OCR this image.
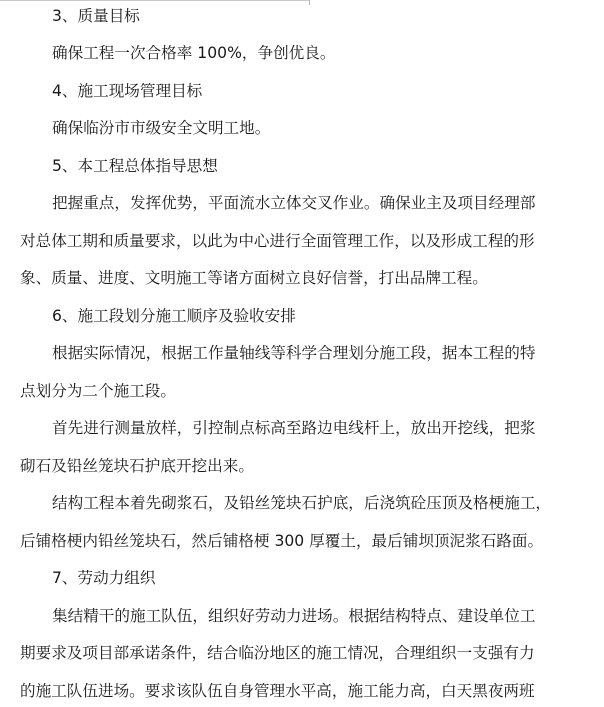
3、质量目标
确保工程一次合格率 100%，争创优良。
4、施工现场管理目标
确保临汾市市级安全文明工地。
5、本工程总体指导思想
把握重点，发挥优势，平面流水立体交叉作业。确保业主及项目经理部
对总体工期和质量要求，以此为中心进行全面管理工作，以及形成工程的形
象、质量、进度、文明施工等诸方面树立良好信誉，打出品牌工程。
6、施工段划分施工顺序及验收安排
根据实际情况，根据工作量轴线等科学合理划分施工段，据本工程的特
点划分为二个施工段。
首先进行测量放样，引控制点标高至路边电线杆上，放出开挖线，把浆
砌石及铅丝笼块石护底开挖出来。
结构工程本着先砌浆石，及铅丝笼块石护底，后浇筑砼压顶及格梗施工，
后铺格梗内铅丝笼块石，然后铺格梗 300 厚覆土，最后铺坝顶泥浆石路面。
7、劳动力组织
集结精干的施工队伍，组织好劳动力进场。根据结构特点、建设单位工
期要求及项目部承诺条件，结合临汾地区的施工情况，合理组织一支强有力
的施工队伍进场。要求该队伍自身管理水平高，施工能力高，白天黑夜两班
